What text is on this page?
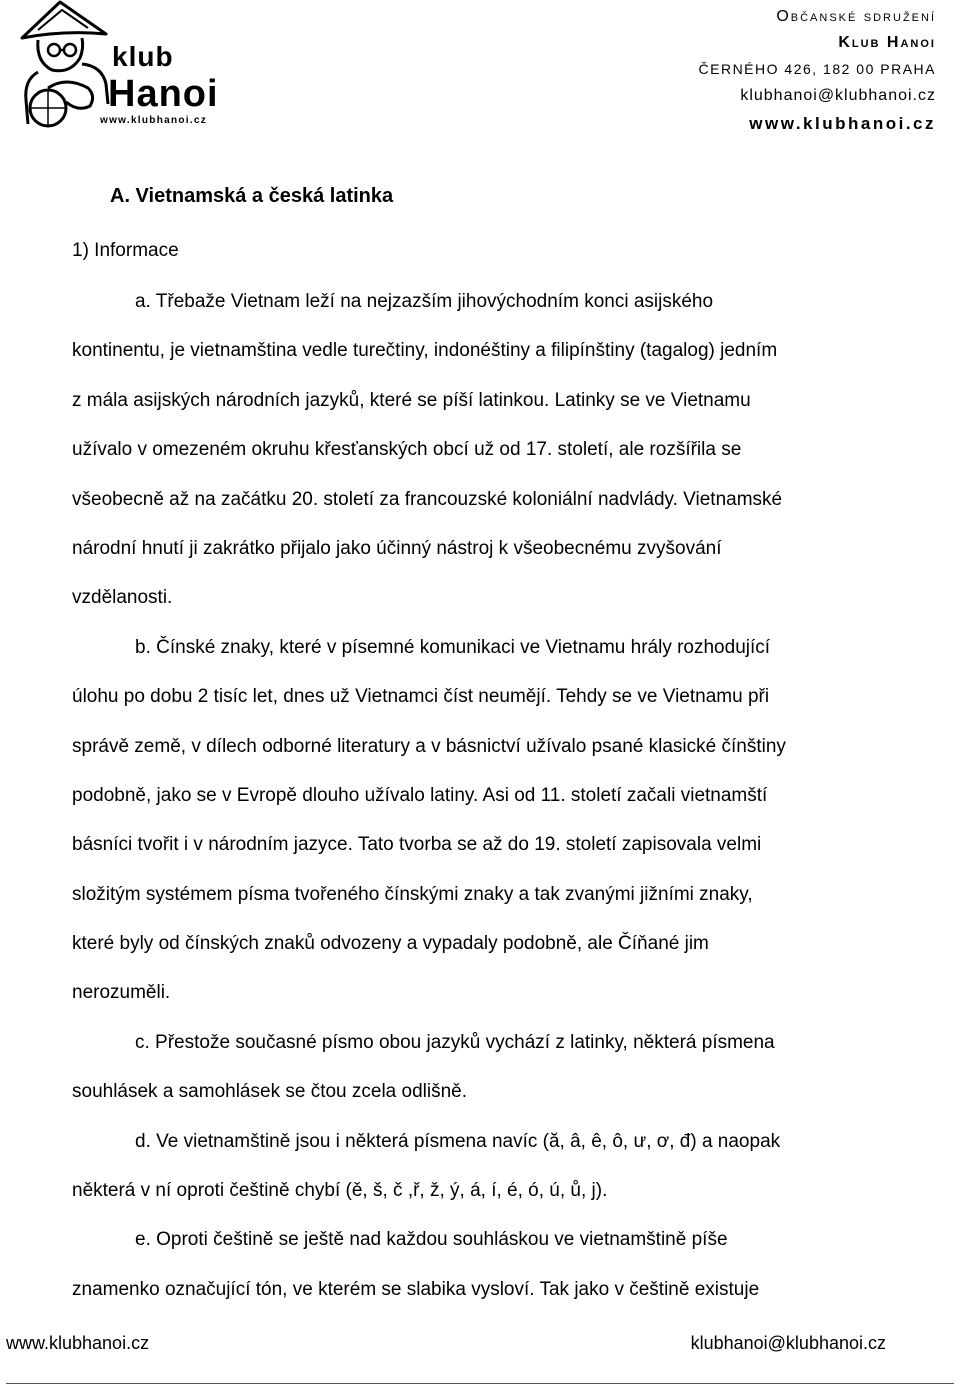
klub
Hanoi
www.klubhanoi.cz
Občanské sdružení
Klub Hanoi
ČERNÉHO 426, 182 00 PRAHA
klubhanoi@klubhanoi.cz
www.klubhanoi.cz
A. Vietnamská a česká latinka
1) Informace
a. Třebaže Vietnam leží na nejzazším jihovýchodním konci asijského
kontinentu, je vietnamština vedle turečtiny, indonéštiny a filipínštiny (tagalog) jedním
z mála asijských národních jazyků, které se píší latinkou. Latinky se ve Vietnamu
užívalo v omezeném okruhu křesťanských obcí už od 17. století, ale rozšířila se
všeobecně až na začátku 20. století za francouzské koloniální nadvlády. Vietnamské
národní hnutí ji zakrátko přijalo jako účinný nástroj k všeobecnému zvyšování
vzdělanosti.
b. Čínské znaky, které v písemné komunikaci ve Vietnamu hrály rozhodující
úlohu po dobu 2 tisíc let, dnes už Vietnamci číst neumějí. Tehdy se ve Vietnamu při
správě země, v dílech odborné literatury a v básnictví užívalo psané klasické čínštiny
podobně, jako se v Evropě dlouho užívalo latiny. Asi od 11. století začali vietnamští
básníci tvořit i v národním jazyce. Tato tvorba se až do 19. století zapisovala velmi
složitým systémem písma tvořeného čínskými znaky a tak zvanými jižními znaky,
které byly od čínských znaků odvozeny a vypadaly podobně, ale Číňané jim
nerozuměli.
c. Přestože současné písmo obou jazyků vychází z latinky, některá písmena
souhlásek a samohlásek se čtou zcela odlišně.
d. Ve vietnamštině jsou i některá písmena navíc (ă, â, ê, ô, ư, ơ, đ) a naopak
některá v ní oproti češtině chybí (ě, š, č ,ř, ž, ý, á, í, é, ó, ú, ů, j).
e. Oproti češtině se ještě nad každou souhláskou ve vietnamštině píše
znamenko označující tón, ve kterém se slabika vysloví. Tak jako v češtině existuje
www.klubhanoi.cz	klubhanoi@klubhanoi.cz
